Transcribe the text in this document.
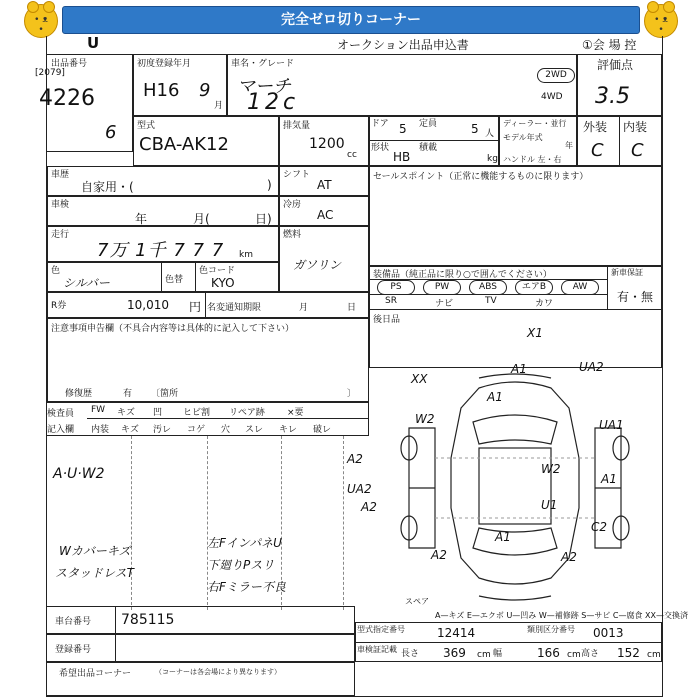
• ᴥ •
完全ゼロ切りコーナー	• ᴥ •
U	オークション出品申込書	①会 場 控
出品番号
[2079]
4226
6
初度登録年月
H16 9
月
車名・グレード
マーチ
12c
2WD
4WD
評価点
3.5
型式
CBA-AK12
排気量
1200
cc
ドア 5 定員	5 人
形状
HB
積載
kg
ディーラー・並行
モデル年式
年
ハンドル 左・右
外装 内装
C C
車歴
自家用・(	)
シフト
AT
車検
年	月(	日)
冷房
AC
走行
7万 1千 7 7 7 km
燃料
ガソリン
色
シルバー	色替
色コード
KYO
R券	10,010 円 名変通知期限	月	日
セールスポイント（正常に機能するものに限ります）
装備品（純正品に限り○で囲んでください）	新車保証
有・無
PS	PW	ABS	エアB	AW
SR	ナビ	TV	カワ
後日品
注意事項申告欄（不具合内容等は具体的に記入して下さい）
修復歴	有 〔箇所	〕
検査員
記入欄
FW キズ 凹 ヒビ割 リペア跡 ×要
内装 キズ 汚レ コゲ 穴 スレ キレ 破レ
A·U·W2
Wカバーキズ
スタッドレスT
左FインパネU
下廻りPスリ
右Fミラー不良
A1	UA2
XX
A1
W2	UA1
A2
UA2
W2
A1
U1
C2
A2
A1
A2
A2
X1
車台番号 785115
登録番号
A—キズ E—エクボ U—凹み W—補修跡 S—サビ C—腐食 XX—交換済
スペア
型式指定番号	12414	類別区分番号 0013
車検証記載 長さ 369 cm 幅	166 cm 高さ 152 cm
希望出品コーナー	（コーナーは各会場により異なります）
